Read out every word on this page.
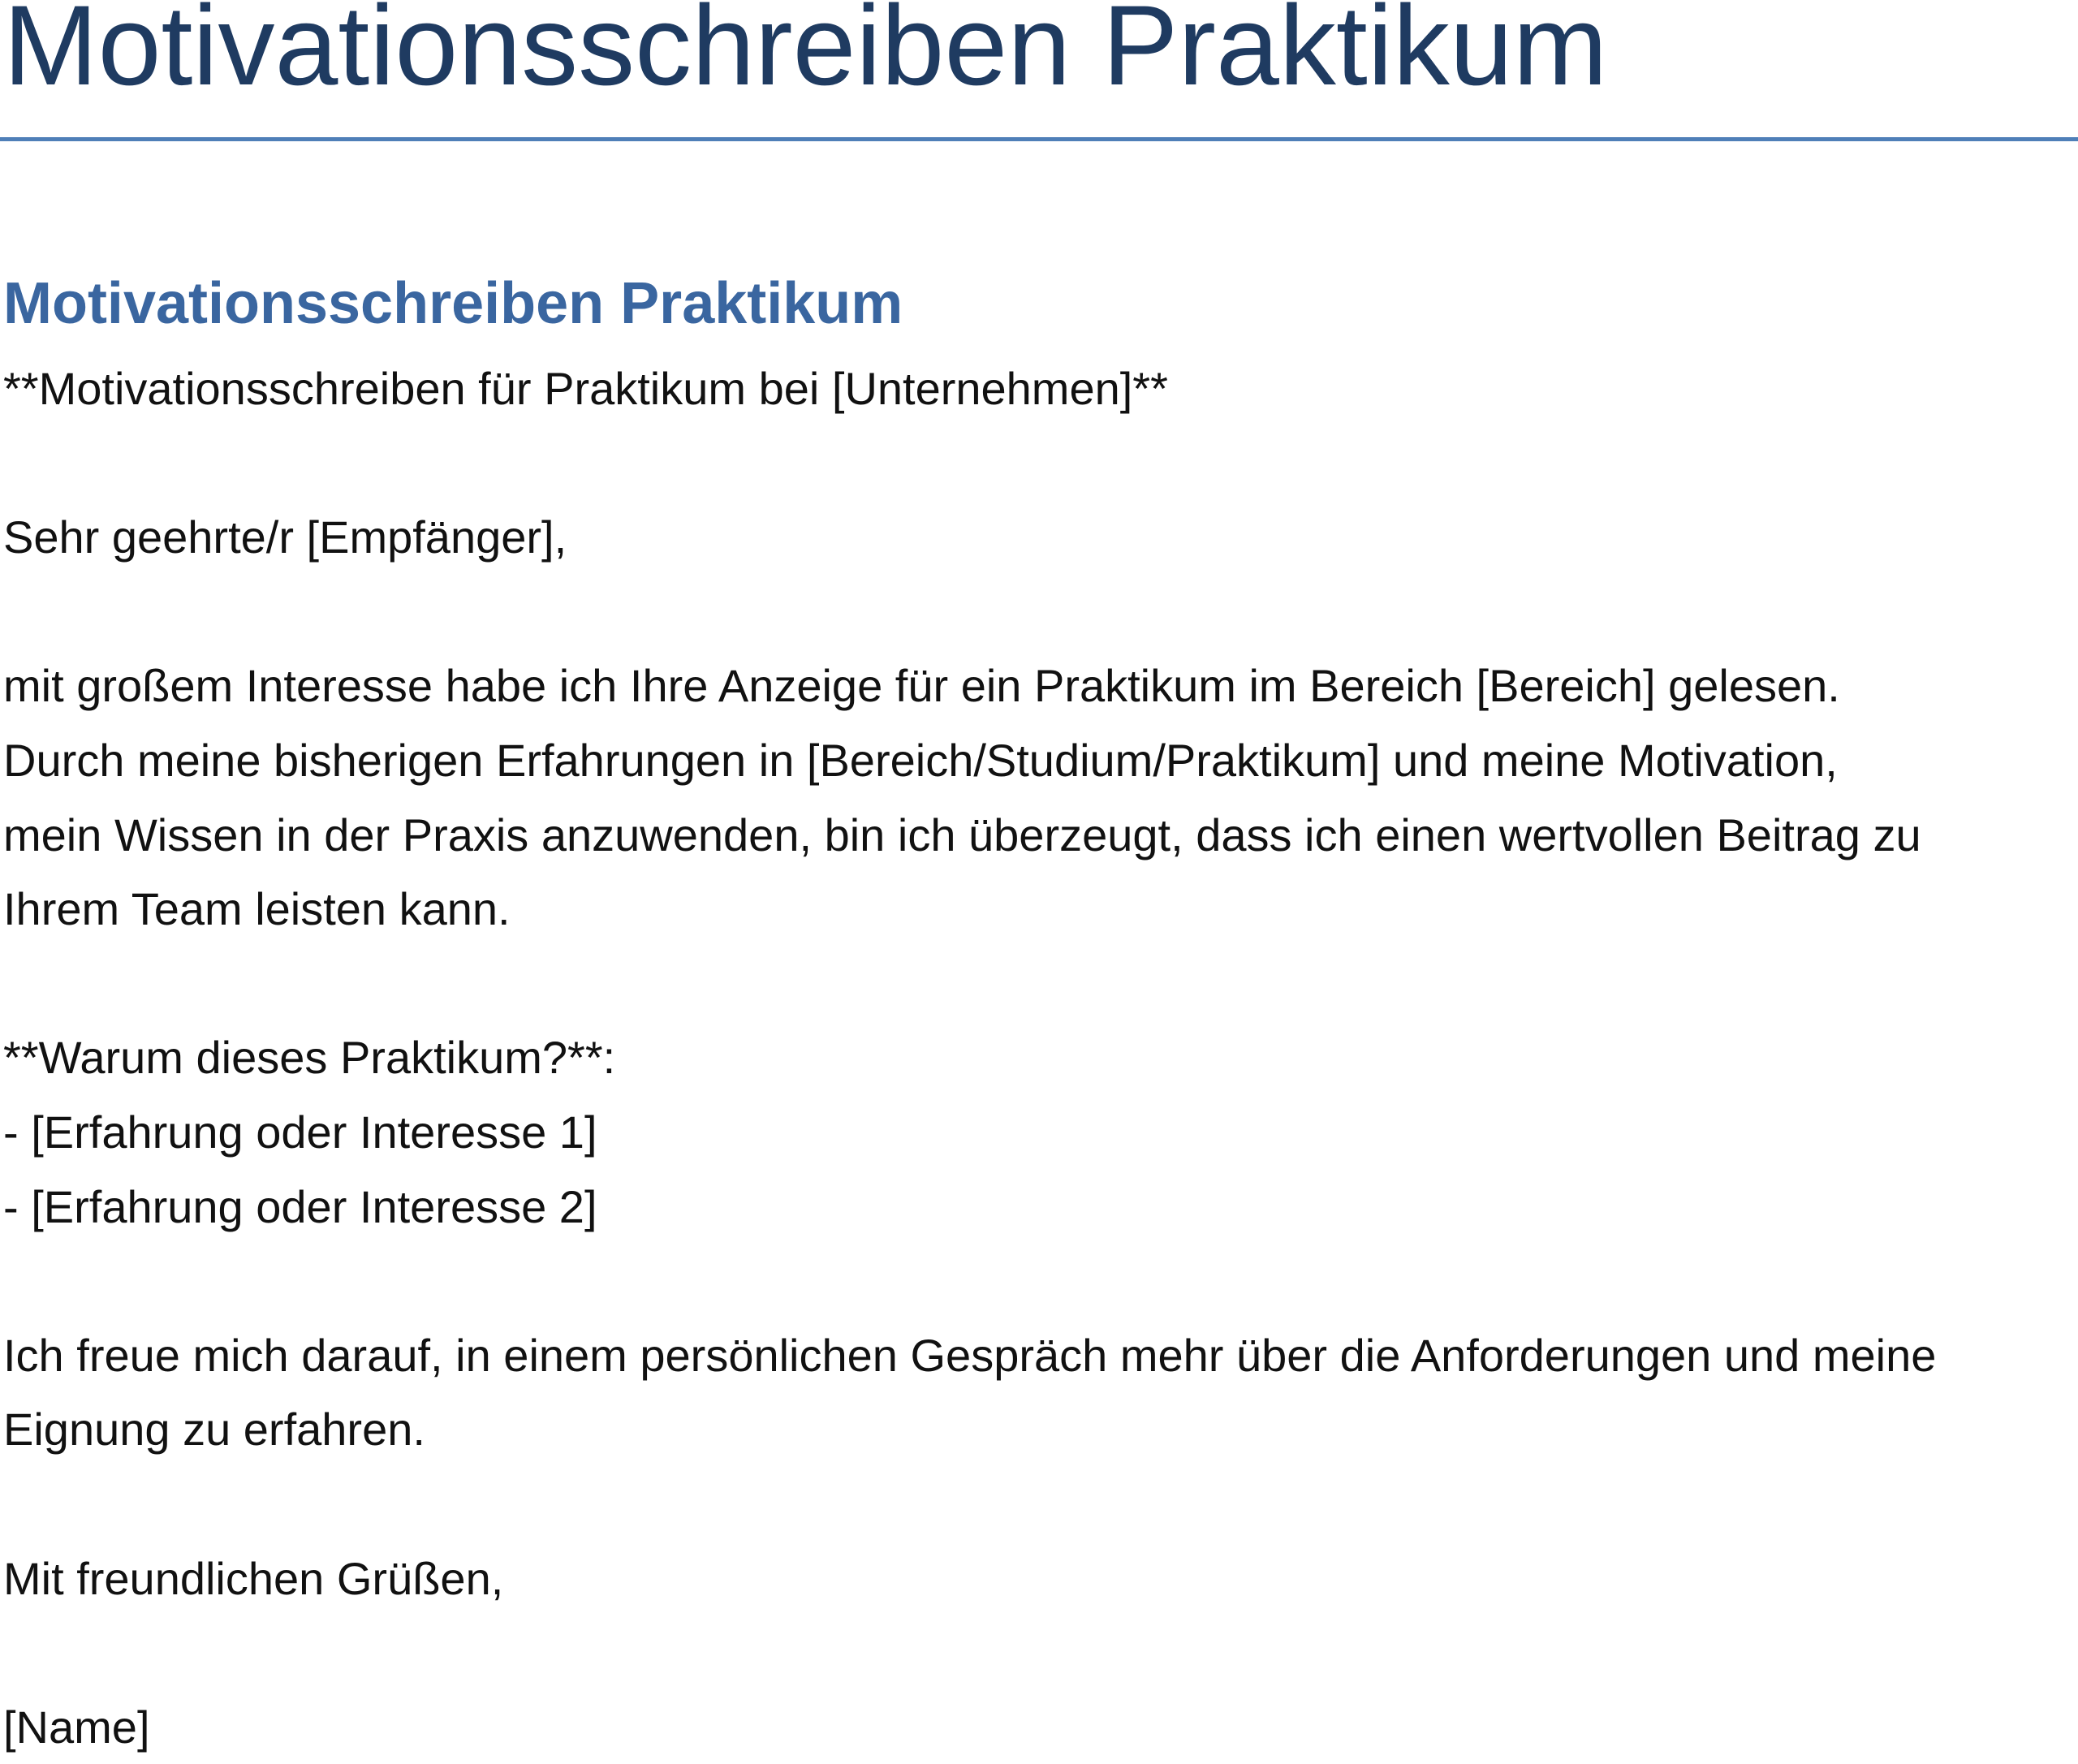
Motivationsschreiben Praktikum
Motivationsschreiben Praktikum
**Motivationsschreiben für Praktikum bei [Unternehmen]**
Sehr geehrte/r [Empfänger],
mit großem Interesse habe ich Ihre Anzeige für ein Praktikum im Bereich [Bereich] gelesen.
Durch meine bisherigen Erfahrungen in [Bereich/Studium/Praktikum] und meine Motivation,
mein Wissen in der Praxis anzuwenden, bin ich überzeugt, dass ich einen wertvollen Beitrag zu
Ihrem Team leisten kann.
**Warum dieses Praktikum?**:
- [Erfahrung oder Interesse 1]
- [Erfahrung oder Interesse 2]
Ich freue mich darauf, in einem persönlichen Gespräch mehr über die Anforderungen und meine
Eignung zu erfahren.
Mit freundlichen Grüßen,
[Name]
